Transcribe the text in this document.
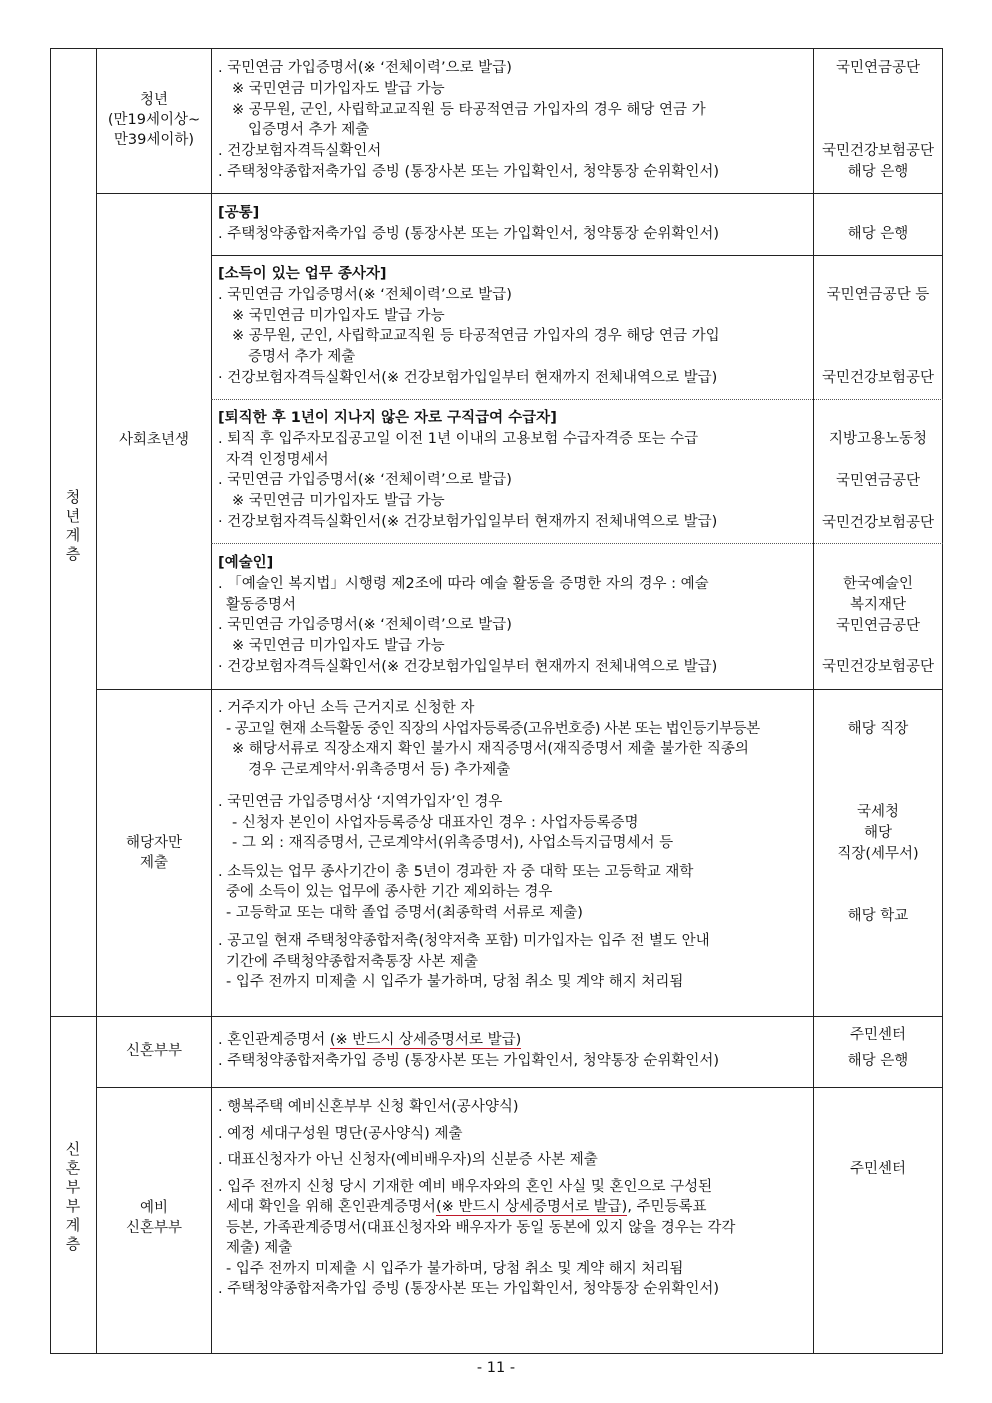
청년계층
신혼부부계층
청년
(만19세이상~
만39세이하)
사회초년생
해당자만
제출
신혼부부
예비
신혼부부
. 국민연금 가입증명서(※ ‘전체이력’으로 발급)
※ 국민연금 미가입자도 발급 가능
※ 공무원, 군인, 사립학교교직원 등 타공적연금 가입자의 경우 해당 연금 가
입증명서 추가 제출
. 건강보험자격득실확인서
. 주택청약종합저축가입 증빙 (통장사본 또는 가입확인서, 청약통장 순위확인서)
국민연금공단
국민건강보험공단
해당 은행
[공통]
. 주택청약종합저축가입 증빙 (통장사본 또는 가입확인서, 청약통장 순위확인서)	해당 은행
[소득이 있는 업무 종사자]
. 국민연금 가입증명서(※ ‘전체이력’으로 발급)
※ 국민연금 미가입자도 발급 가능
※ 공무원, 군인, 사립학교교직원 등 타공적연금 가입자의 경우 해당 연금 가입
증명서 추가 제출
· 건강보험자격득실확인서(※ 건강보험가입일부터 현재까지 전체내역으로 발급)
국민연금공단 등
국민건강보험공단
[퇴직한 후 1년이 지나지 않은 자로 구직급여 수급자]
. 퇴직 후 입주자모집공고일 이전 1년 이내의 고용보험 수급자격증 또는 수급
자격 인정명세서
. 국민연금 가입증명서(※ ‘전체이력’으로 발급)
※ 국민연금 미가입자도 발급 가능
· 건강보험자격득실확인서(※ 건강보험가입일부터 현재까지 전체내역으로 발급)
지방고용노동청
국민연금공단
국민건강보험공단
[예술인]
. 「예술인 복지법」시행령 제2조에 따라 예술 활동을 증명한 자의 경우 : 예술
활동증명서
. 국민연금 가입증명서(※ ‘전체이력’으로 발급)
※ 국민연금 미가입자도 발급 가능
· 건강보험자격득실확인서(※ 건강보험가입일부터 현재까지 전체내역으로 발급)
한국예술인
복지재단
국민연금공단
국민건강보험공단
. 거주지가 아닌 소득 근거지로 신청한 자
- 공고일 현재 소득활동 중인 직장의 사업자등록증(고유번호증) 사본 또는 법인등기부등본
※ 해당서류로 직장소재지 확인 불가시 재직증명서(재직증명서 제출 불가한 직종의
경우 근로계약서·위촉증명서 등) 추가제출
. 국민연금 가입증명서상 ‘지역가입자’인 경우
- 신청자 본인이 사업자등록증상 대표자인 경우 : 사업자등록증명
- 그 외 : 재직증명서, 근로계약서(위촉증명서), 사업소득지급명세서 등
. 소득있는 업무 종사기간이 총 5년이 경과한 자 중 대학 또는 고등학교 재학
중에 소득이 있는 업무에 종사한 기간 제외하는 경우
- 고등학교 또는 대학 졸업 증명서(최종학력 서류로 제출)
. 공고일 현재 주택청약종합저축(청약저축 포함) 미가입자는 입주 전 별도 안내
기간에 주택청약종합저축통장 사본 제출
- 입주 전까지 미제출 시 입주가 불가하며, 당첨 취소 및 계약 해지 처리됨
해당 직장
국세청
해당
직장(세무서)
해당 학교
. 혼인관계증명서 (※ 반드시 상세증명서로 발급)
. 주택청약종합저축가입 증빙 (통장사본 또는 가입확인서, 청약통장 순위확인서)
주민센터
해당 은행
. 행복주택 예비신혼부부 신청 확인서(공사양식)
. 예정 세대구성원 명단(공사양식) 제출
. 대표신청자가 아닌 신청자(예비배우자)의 신분증 사본 제출
. 입주 전까지 신청 당시 기재한 예비 배우자와의 혼인 사실 및 혼인으로 구성된
세대 확인을 위해 혼인관계증명서(※ 반드시 상세증명서로 발급), 주민등록표
등본, 가족관계증명서(대표신청자와 배우자가 동일 동본에 있지 않을 경우는 각각
제출) 제출
- 입주 전까지 미제출 시 입주가 불가하며, 당첨 취소 및 계약 해지 처리됨
. 주택청약종합저축가입 증빙 (통장사본 또는 가입확인서, 청약통장 순위확인서)
주민센터
- 11 -
